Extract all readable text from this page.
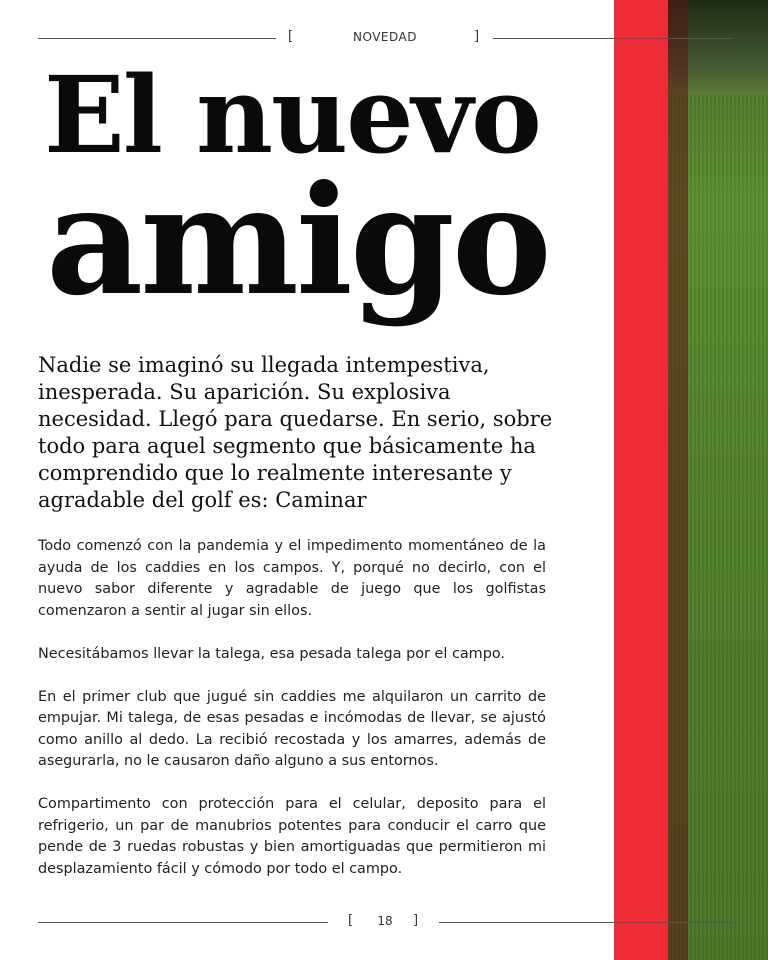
[	NOVEDAD	]
El nuevo
amigo
Nadie se imaginó su llegada intempestiva, inesperada. Su aparición. Su explosiva necesidad. Llegó para quedarse. En serio, sobre todo para aquel segmento que básicamente ha comprendido que lo realmente interesante y agradable del golf es: Caminar

Todo comenzó con la pandemia y el impedimento momentáneo de la ayuda de los caddies en los campos. Y, porqué no decirlo, con el nuevo sabor diferente y agradable de juego que los golfistas comenzaron a sentir al jugar sin ellos.

Necesitábamos llevar la talega, esa pesada talega por el campo.

En el primer club que jugué sin caddies me alquilaron un carrito de empujar. Mi talega, de esas pesadas e incómodas de llevar, se ajustó como anillo al dedo. La recibió recostada y los amarres, además de asegurarla, no le causaron daño alguno a sus entornos.

Compartimento con protección para el celular, deposito para el refrigerio, un par de manubrios potentes para conducir el carro que pende de 3 ruedas robustas y bien amortiguadas que permitieron mi desplazamiento fácil y cómodo por todo el campo.

[	18	]
